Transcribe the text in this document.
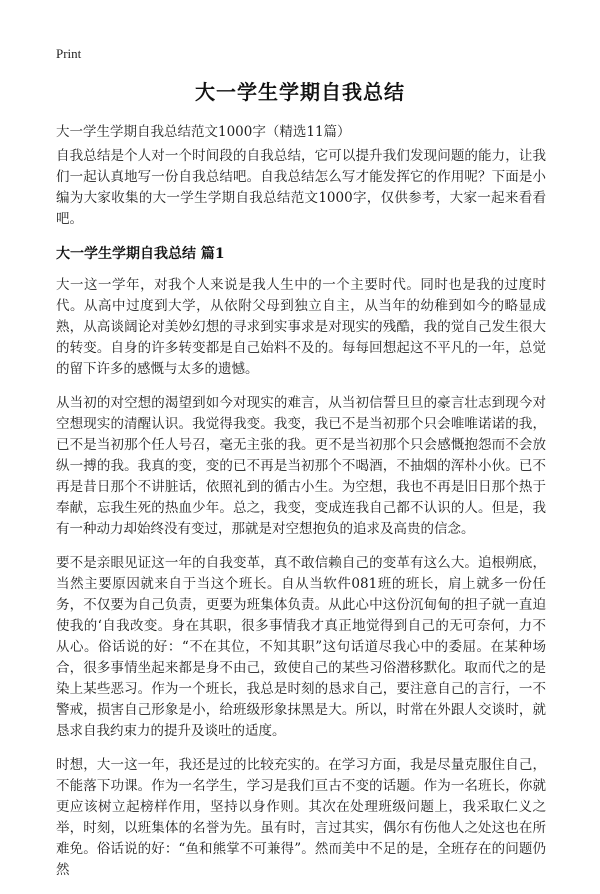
Print
大一学生学期自我总结
大一学生学期自我总结范文1000字（精选11篇）

自我总结是个人对一个时间段的自我总结，它可以提升我们发现问题的能力，让我们一起认真地写一份自我总结吧。自我总结怎么写才能发挥它的作用呢？下面是小编为大家收集的大一学生学期自我总结范文1000字，仅供参考，大家一起来看看吧。

大一学生学期自我总结 篇1

大一这一学年，对我个人来说是我人生中的一个主要时代。同时也是我的过度时代。从高中过度到大学，从依附父母到独立自主，从当年的幼稚到如今的略显成熟，从高谈阔论对美妙幻想的寻求到实事求是对现实的残酷，我的觉自己发生很大的转变。自身的许多转变都是自己始料不及的。每每回想起这不平凡的一年，总觉的留下许多的感慨与太多的遗憾。

从当初的对空想的渴望到如今对现实的难言，从当初信誓旦旦的豪言壮志到现今对空想现实的清醒认识。我觉得我变。我变，我已不是当初那个只会唯唯诺诺的我，已不是当初那个任人号召，毫无主张的我。更不是当初那个只会感慨抱怨而不会放纵一搏的我。我真的变，变的已不再是当初那个不喝酒，不抽烟的浑朴小伙。已不再是昔日那个不讲脏话，依照礼到的循古小生。为空想，我也不再是旧日那个热于奉献，忘我生死的热血少年。总之，我变，变成连我自己都不认识的人。但是，我有一种动力却始终没有变过，那就是对空想抱负的追求及高贵的信念。

要不是亲眼见证这一年的自我变革，真不敢信赖自己的变革有这么大。追根朔底，当然主要原因就来自于当这个班长。自从当软件081班的班长，肩上就多一份任务，不仅要为自己负责，更要为班集体负责。从此心中这份沉甸甸的担子就一直迫使我的‘自我改变。身在其职，很多事情我才真正地觉得到自己的无可奈何，力不从心。俗话说的好：“不在其位，不知其职”这句话道尽我心中的委屈。在某种场合，很多事情坐起来都是身不由己，致使自己的某些习俗潜移默化。取而代之的是染上某些恶习。作为一个班长，我总是时刻的恳求自己，要注意自己的言行，一不警戒，损害自己形象是小，给班级形象抹黑是大。所以，时常在外跟人交谈时，就恳求自我约束力的提升及谈吐的适度。

时想，大一这一年，我还是过的比较充实的。在学习方面，我是尽量克服住自己，不能落下功课。作为一名学生，学习是我们亘古不变的话题。作为一名班长，你就更应该树立起榜样作用，坚持以身作则。其次在处理班级问题上，我采取仁义之举，时刻，以班集体的名誉为先。虽有时，言过其实，偶尔有伤他人之处这也在所难免。俗话说的好：“鱼和熊掌不可兼得”。然而美中不足的是，全班存在的问题仍然
